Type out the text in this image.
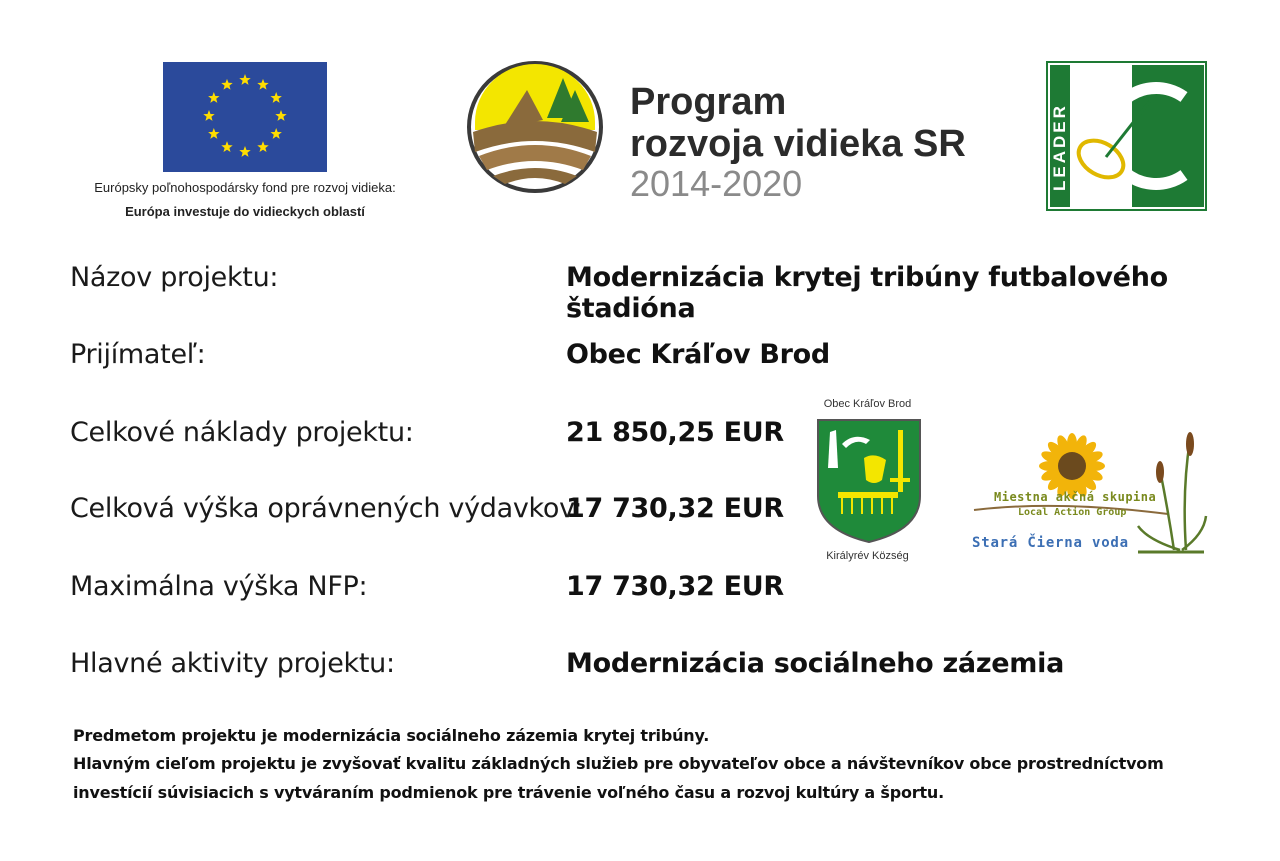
Európsky poľnohospodársky fond pre rozvoj vidieka:
Európa investuje do vidieckych oblastí
Program
rozvoja vidieka SR
2014-2020	LEADER
Názov projektu:	Modernizácia krytej tribúny futbalového štadióna
Prijímateľ:	Obec Kráľov Brod
Celkové náklady projektu:	21 850,25 EUR
Celková výška oprávnených výdavkov:
17 730,32 EUR
Maximálna výška NFP:	17 730,32 EUR
Hlavné aktivity projektu:	Modernizácia sociálneho zázemia
Obec Kráľov Brod
Királyrév Község
Miestna akčná skupina
Local Action Group
Stará Čierna voda
Predmetom projektu je modernizácia sociálneho zázemia krytej tribúny.
Hlavným cieľom projektu je zvyšovať kvalitu základných služieb pre obyvateľov obce a návštevníkov obce prostredníctvom
investícií súvisiacich s vytváraním podmienok pre trávenie voľného času a rozvoj kultúry a športu.
